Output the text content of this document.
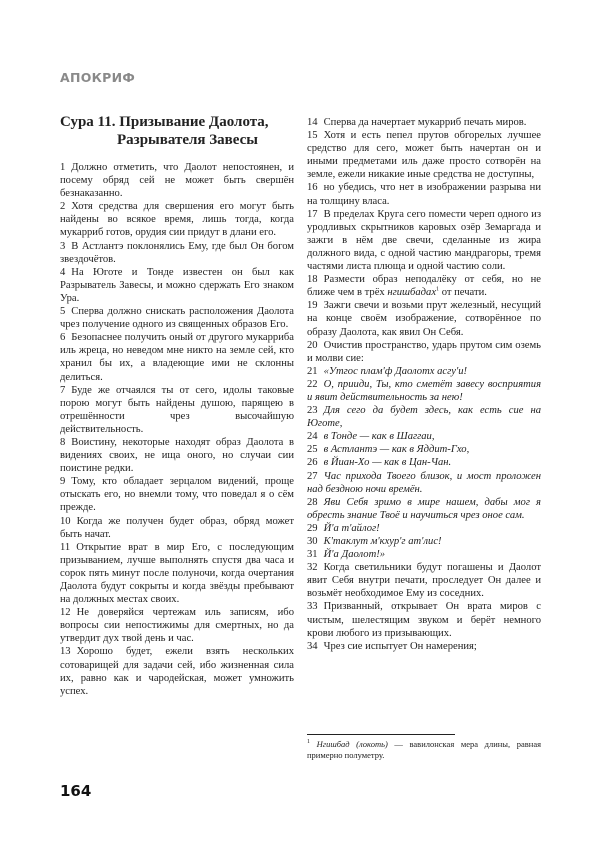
АПОКРИФ
Сура 11. Призывание Даолота,
Разрывателя Завесы

1 Должно отметить, что Даолот непостоянен, и посему обряд сей не может быть свершён безнаказанно.

2 Хотя средства для свершения его могут быть найдены во всякое время, лишь тогда, когда мукарриб готов, орудия сии придут в длани его.

3 В Астлантэ поклонялись Ему, где был Он богом звездочётов.

4 На Юготе и Тонде известен он был как Разрыватель Завесы, и можно сдержать Его знаком Ура.

5 Сперва должно снискать расположения Даолота чрез получение одного из священных образов Его.

6 Безопаснее получить оный от другого мукарриба иль жреца, но неведом мне никто на земле сей, кто хранил бы их, а владеющие ими не склонны делиться.

7 Буде же отчаялся ты от сего, идолы таковые порою могут быть найдены душою, парящею в отрешённости чрез высочайшую действительность.

8 Воистину, некоторые находят образ Даолота в видениях своих, не ища оного, но случаи сии поистине редки.

9 Тому, кто обладает зерцалом видений, проще отыскать его, но внемли тому, что поведал я о сём прежде.

10 Когда же получен будет образ, обряд может быть начат.

11 Открытие врат в мир Его, с последующим призыванием, лучше выполнять спустя два часа и сорок пять минут после полуночи, когда очертания Даолота будут сокрыты и когда звёзды пребывают на должных местах своих.

12 Не доверяйся чертежам иль записям, ибо вопросы сии непостижимы для смертных, но да утвердит дух твой день и час.

13 Хорошо будет, ежели взять нескольких сотоварищей для задачи сей, ибо жизненная сила их, равно как и чародейская, может умножить успех.

14 Сперва да начертает мукарриб печать миров.

15 Хотя и есть пепел прутов обгорелых лучшее средство для сего, может быть начертан он и иными предметами иль даже просто сотворён на земле, ежели никакие иные средства не доступны,

16 но убедись, что нет в изображении разрыва ни на толщину власа.

17 В пределах Круга сего помести череп одного из уродливых скрытников каровых озёр Земаргада и зажги в нём две свечи, сделанные из жира должного вида, с одной частию мандрагоры, тремя частями листа плюща и одной частию соли.

18 Размести образ неподалёку от себя, но не ближе чем в трёх нгишбадах$^1$ от печати.

19 Зажги свечи и возьми прут железный, несущий на конце своём изображение, сотворённое по образу Даолота, как явил Он Себя.

20 Очистив пространство, ударь прутом сим оземь и молви сие:

21 «Утгос плам'ф Даолотх асгу'и!

22 О, прииди, Ты, кто сметёт завесу восприятия и явит действительность за нею!

23 Для сего да будет здесь, как есть сие на Юготе,

24 в Тонде — как в Шаггаи,

25 в Астлантэ — как в Яддит-Гхо,

26 в Йиан-Хо — как в Цан-Чан.

27 Час прихода Твоего близок, и мост проложен над бездною ночи времён.

28 Яви Себя зримо в мире нашем, дабы мог я обресть знание Твоё и научиться чрез оное сам.

29 Й'а т'айлог!

30 К'таклут м'кхур'г ат'лис!

31 Й'а Даолот!»

32 Когда светильники будут погашены и Даолот явит Себя внутри печати, проследует Он далее и возьмёт необходимое Ему из соседних.

33 Призванный, открывает Он врата миров с чистым, шелестящим звуком и берёт немного крови любого из призывающих.

34 Чрез сие испытует Он намерения;

$^1$ Нгишбад (локоть) — вавилонская мера длины, равная примерно полуметру.
164
